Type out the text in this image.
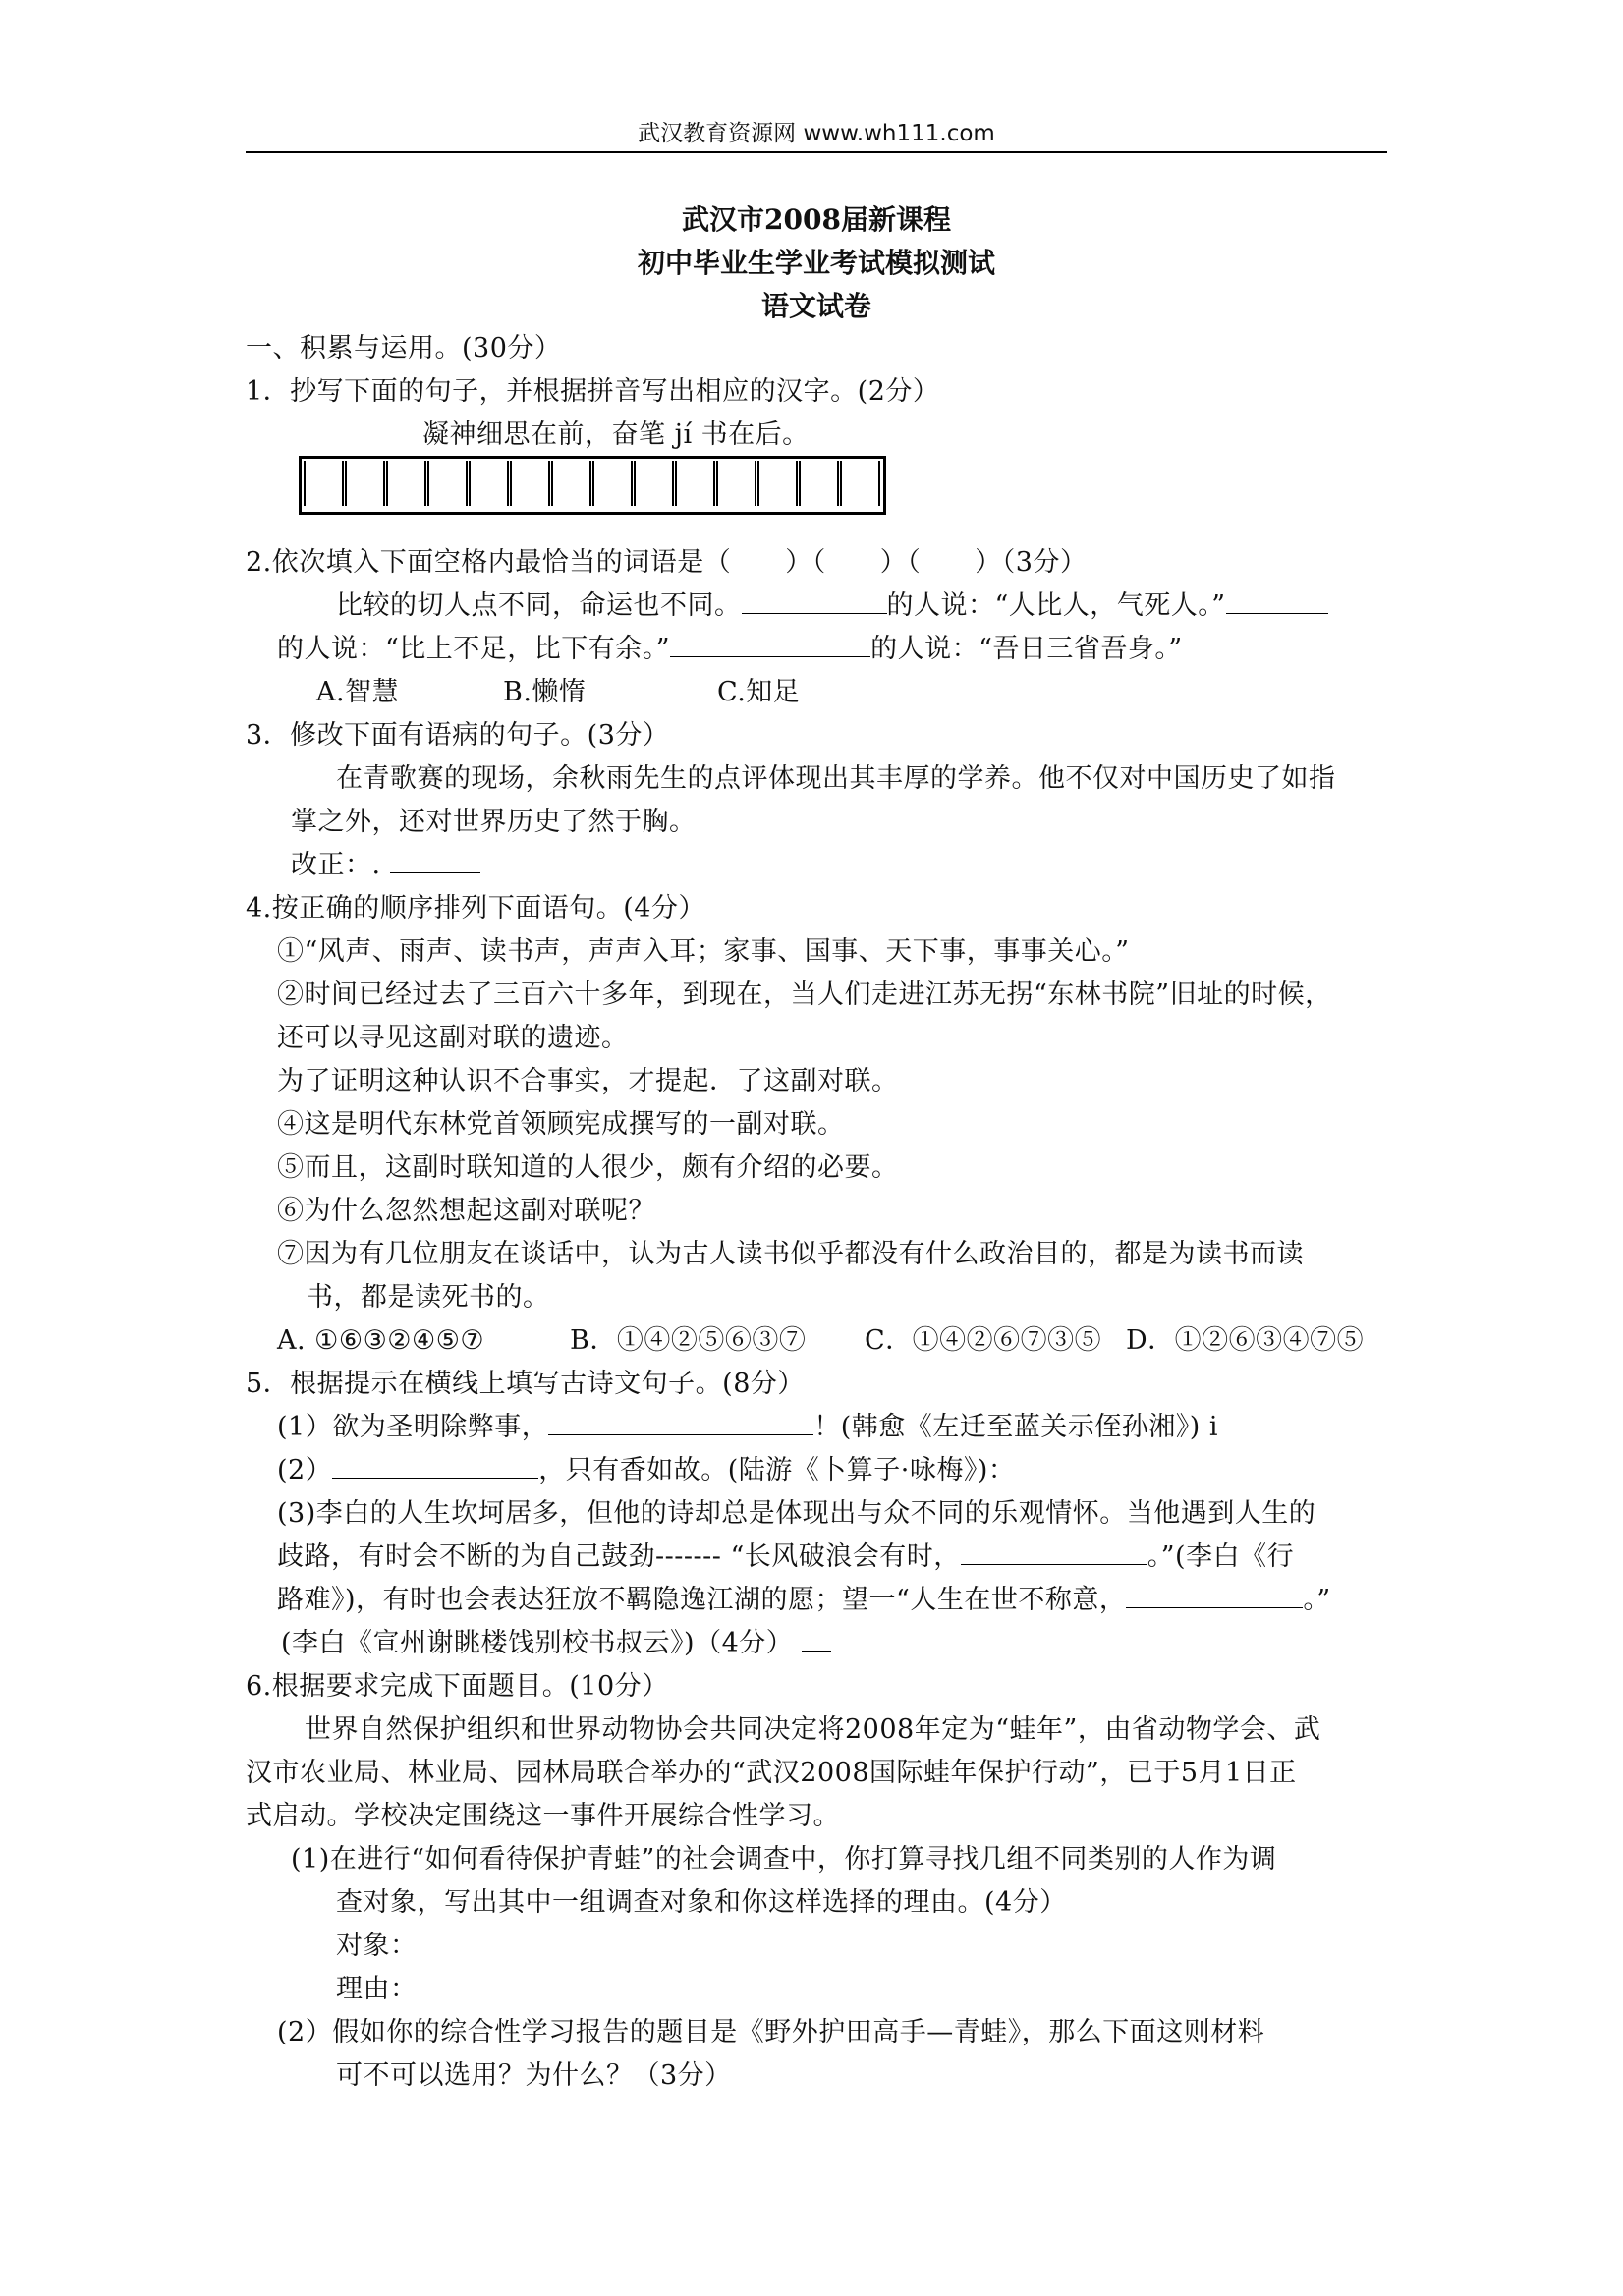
武汉教育资源网 www.wh111.com
武汉市2008届新课程
初中毕业生学业考试模拟测试
语文试卷
一、积累与运用。(30分）
1．抄写下面的句子，并根据拼音写出相应的汉字。(2分）
凝神细思在前，奋笔 jí 书在后。
2.依次填入下面空格内最恰当的词语是（　　）（　　）（　　）（3分）
比较的切人点不同，命运也不同。	的人说：“人比人，气死人。”
的人说：“比上不足，比下有余。”	的人说：“吾日三省吾身。”
A.智慧	B.懒惰	C.知足
3．修改下面有语病的句子。(3分）
在青歌赛的现场，余秋雨先生的点评体现出其丰厚的学养。他不仅对中国历史了如指
掌之外，还对世界历史了然于胸。
改正：.
4.按正确的顺序排列下面语句。(4分）
①“风声、雨声、读书声，声声入耳；家事、国事、天下事，事事关心。”
②时间已经过去了三百六十多年，到现在，当人们走进江苏无拐“东林书院”旧址的时候，
还可以寻见这副对联的遗迹。
为了证明这种认识不合事实，才提起．了这副对联。
④这是明代东林党首领顾宪成撰写的一副对联。
⑤而且，这副时联知道的人很少，颇有介绍的必要。
⑥为什么忽然想起这副对联呢？
⑦因为有几位朋友在谈话中，认为古人读书似乎都没有什么政治目的，都是为读书而读
书，都是读死书的。
A. ①⑥③②④⑤⑦	B．①④②⑤⑥③⑦ C．①④②⑥⑦③⑤ D．①②⑥③④⑦⑤
5．根据提示在横线上填写古诗文句子。(8分）
(1）欲为圣明除弊事，	！(韩愈《左迁至蓝关示侄孙湘》) i
(2）	，只有香如故。(陆游《卜算子·咏梅》)：
(3)李白的人生坎坷居多，但他的诗却总是体现出与众不同的乐观情怀。当他遇到人生的
歧路，有时会不断的为自己鼓劲------- “长风破浪会有时，	。”(李白《行
路难》)，有时也会表达狂放不羁隐逸江湖的愿；望一“人生在世不称意，	。”
(李白《宣州谢眺楼饯别校书叔云》)（4分）
6.根据要求完成下面题目。(10分）
世界自然保护组织和世界动物协会共同决定将2008年定为“蛙年”，由省动物学会、武
汉市农业局、林业局、园林局联合举办的“武汉2008国际蛙年保护行动”，已于5月1日正
式启动。学校决定围绕这一事件开展综合性学习。
(1)在进行“如何看待保护青蛙”的社会调查中，你打算寻找几组不同类别的人作为调
查对象，写出其中一组调查对象和你这样选择的理由。(4分）
对象：
理由：
(2）假如你的综合性学习报告的题目是《野外护田高手—青蛙》，那么下面这则材料
可不可以选用？为什么？（3分）
